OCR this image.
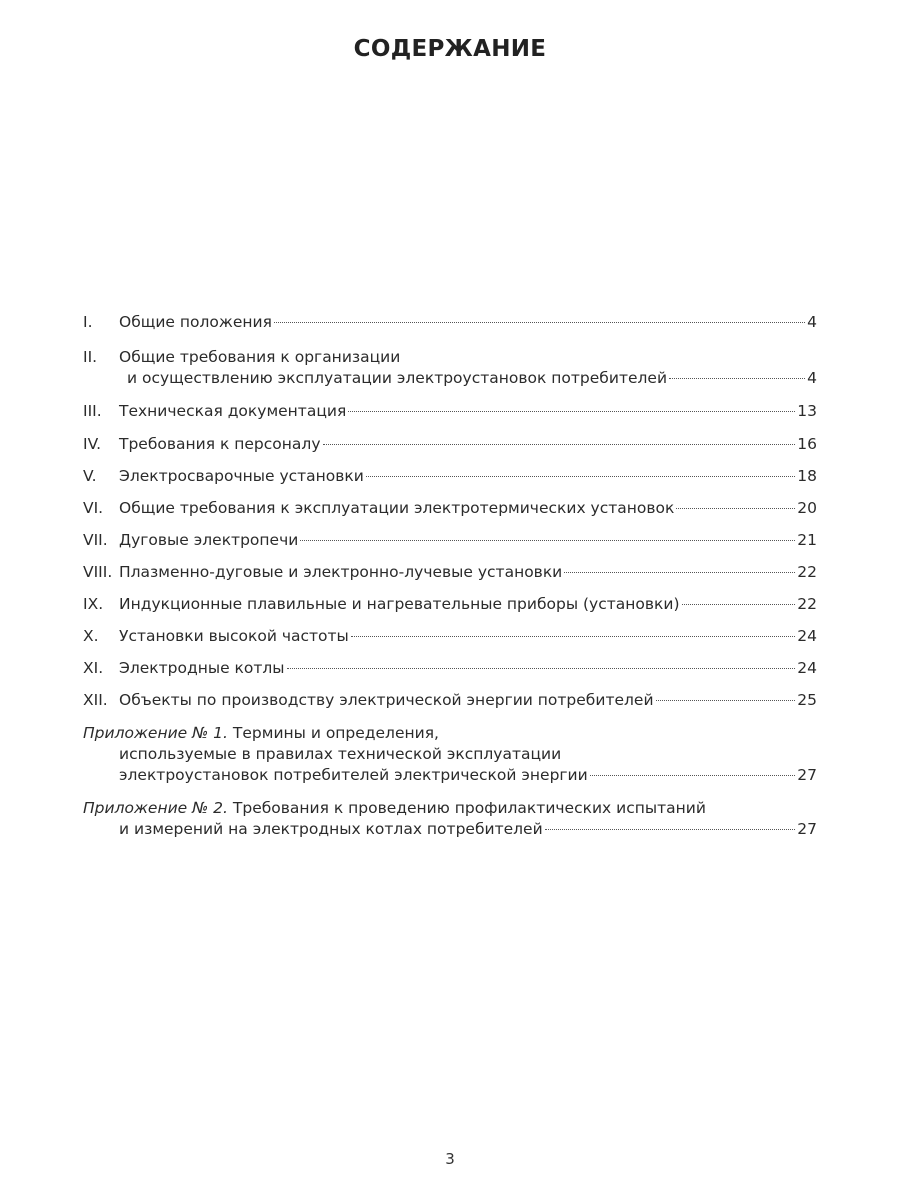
СОДЕРЖАНИЕ
I.	Общие положения	4
II.	Общие требования к организации
и осуществлению эксплуатации электроустановок потребителей	4
III.	Техническая документация	13
IV.	Требования к персоналу	16
V.	Электросварочные установки	18
VI.	Общие требования к эксплуатации электротермических установок	20
VII. Дуговые электропечи	21
VIII. Плазменно-дуговые и электронно-лучевые установки	22
IX.	Индукционные плавильные и нагревательные приборы (установки)	22
X.	Установки высокой частоты	24
XI.	Электродные котлы	24
XII. Объекты по производству электрической энергии потребителей	25
Приложение № 1. Термины и определения,
используемые в правилах технической эксплуатации
электроустановок потребителей электрической энергии	27
Приложение № 2. Требования к проведению профилактических испытаний
и измерений на электродных котлах потребителей	27
3
